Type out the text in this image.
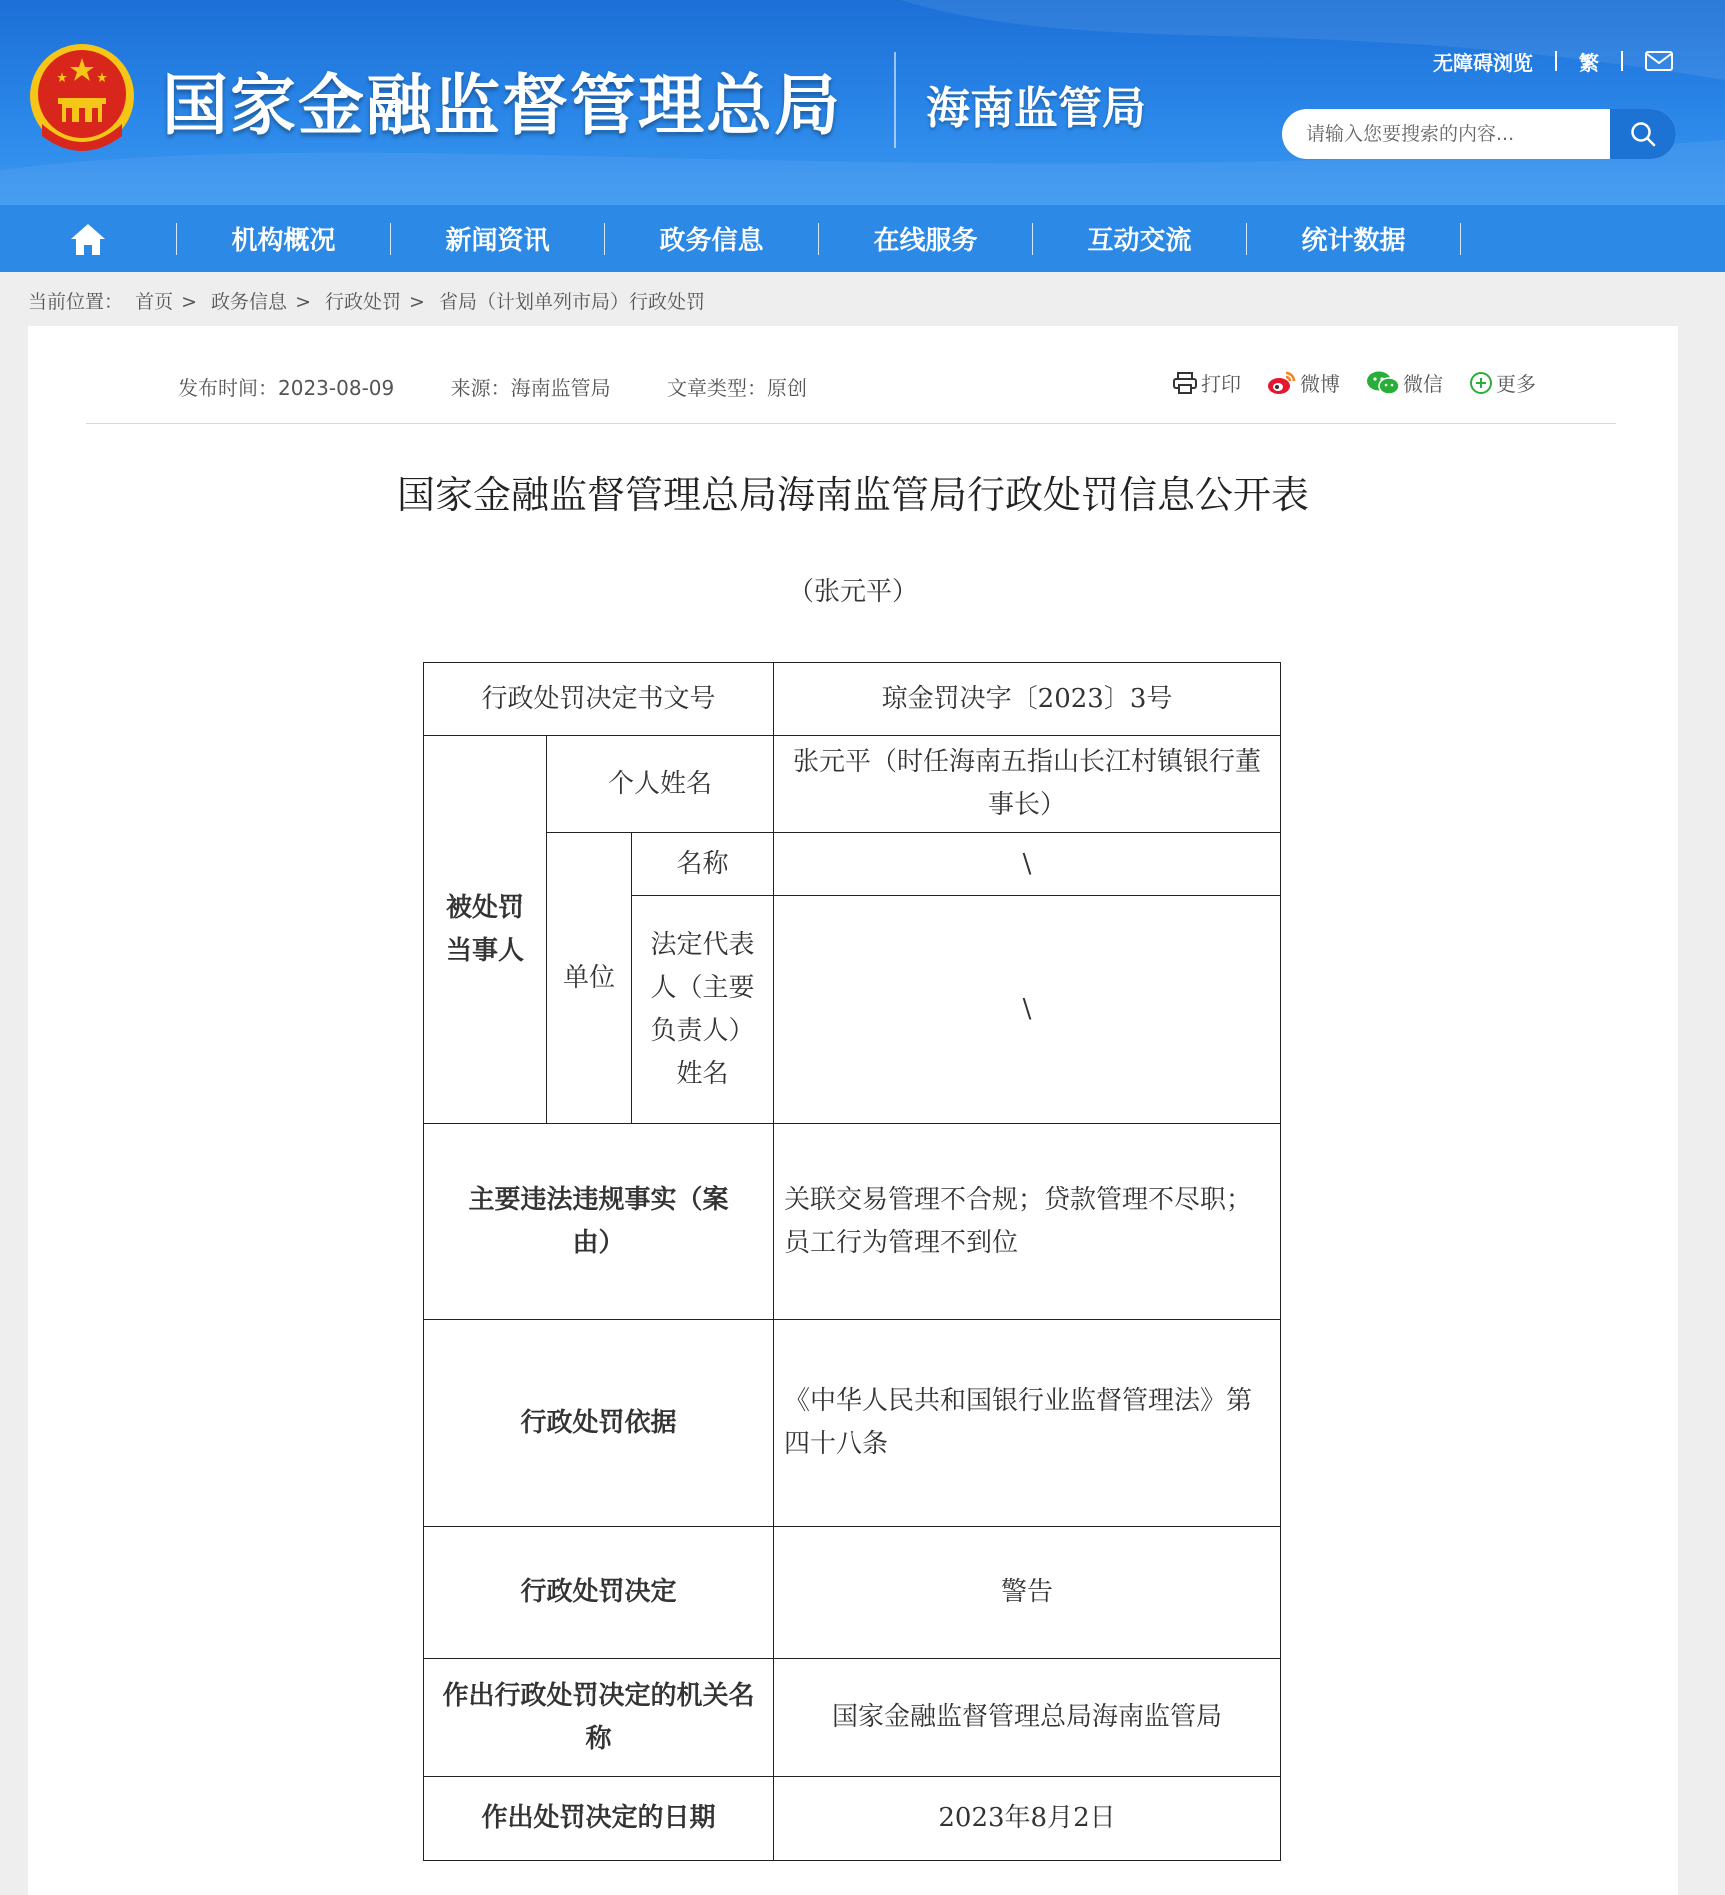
国家金融监督管理总局 海南监管局
无障碍浏览 繁
请输入您要搜索的内容...
机构概况	新闻资讯	政务信息	在线服务	互动交流	统计数据
当前位置： 首页 > 政务信息 > 行政处罚 > 省局（计划单列市局）行政处罚
发布时间：2023-08-09	来源：海南监管局	文章类型：原创	打印	微博	微信	更多
国家金融监督管理总局海南监管局行政处罚信息公开表
（张元平）
行政处罚决定书文号			琼金罚决字〔2023〕3号
被处罚当事人	个人姓名		张元平（时任海南五指山长江村镇银行董事长）
	单位	名称	\
		法定代表人（主要负责人）姓名	\
主要违法违规事实（案由）			关联交易管理不合规；贷款管理不尽职；员工行为管理不到位
行政处罚依据			《中华人民共和国银行业监督管理法》第四十八条
行政处罚决定			警告
作出行政处罚决定的机关名称			国家金融监督管理总局海南监管局
作出处罚决定的日期			2023年8月2日
